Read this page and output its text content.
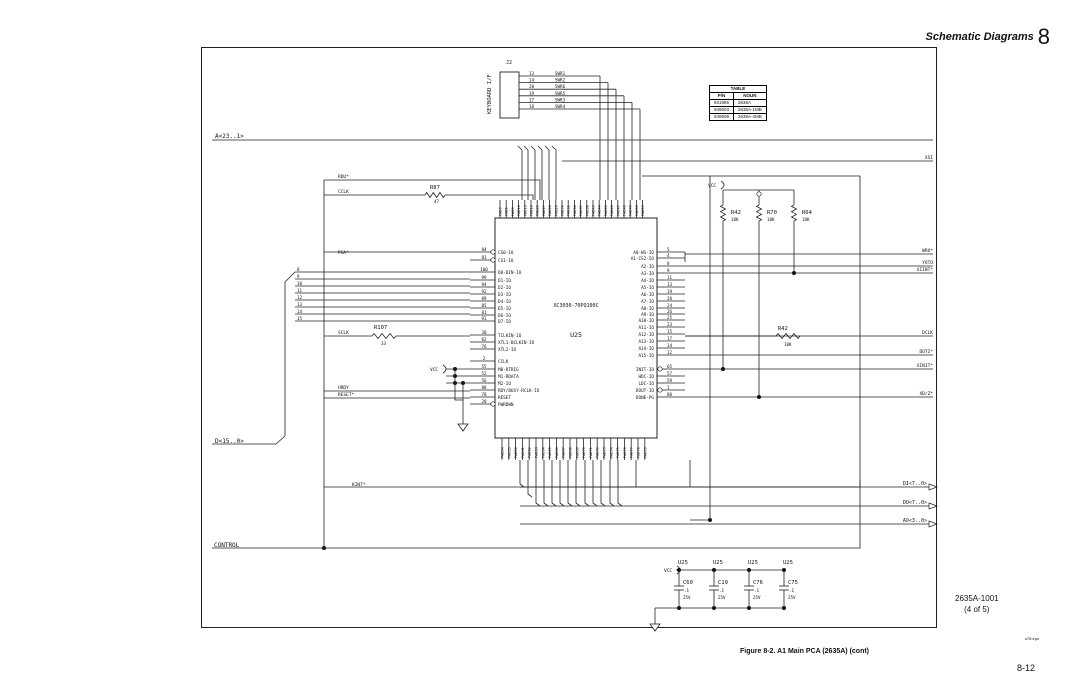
Schematic Diagrams 8
TABLE	
P/N	NOUN
931985	2635A
949503	2635A-1MB
949508	2635A-2MB
XC3030-70PQ100C
U25
84
CS0-IO
83
CS1-IO
100
D0-DIN-IO
99
D1-IO
94
D2-IO
92
D3-IO
89
D4-IO
85
D5-IO
81
D6-IO
91
D7-IO
30
TCLKIN-IO
82
XTL1-BCLKIN-IO
76
XTL2-IO
2
CCLK
55
M0-RTRIG
52
M1-RDATA
56
M2-IO
88
RDY/BUSY-RCLK-IO
78
RESET
28
PWRDWN
5
A0-WS-IO	4
A1-CS2-IO
8
A2-IO
9
A3-IO
11
A4-IO
13
A5-IO
19
A6-IO
20
A7-IO
24
A8-IO	26
A9-IO	25
A10-IO
23
A11-IO
15
A12-IO
17
A13-IO
14
A14-IO
12
A15-IO
65
INIT-IO
57
HDC-IO
59
LDC-IO
1
DOUT-IO
80
DONE-PG
PAD0 PAD5 PAD9 PAD10 PAD13 PAD14 PAD26 PAD27 PAD28 PAD29 PAD30 PAD31 PAD34 PAD37 PAD38 PAD43 PAD44 PAD45 PAD46 PAD47 PAD48 PAD49 PAD50 PAD53
PAD54 PAD55 PAD56 PAD61 PAD62 PAD63 PAD64 PAD65 PAD66 PAD67 PAD68 PAD69 PAD70 PAD71 PAD72 PAD73 PAD74 PAD75 PAD76 PAD77 PAD78 PAD79
J2
KEYBOARD I/F
13	SWR1
14	SWR2
20	SWR6
19	SWR5
17	SWR3
18	SWR4
A<23..1>
XSI
RDU*
CCLK
R87
47
PGA*
8
9
10
11
12
13
14
15
D<15..0>
SCLK
R107
33
VCC
HRDY
RESET*
KINT*
CONTROL
WRU*
YOTO
XIINT*
DCLK
DOTI*
XINIT*
XD/Z*
VCC
R42
10K
R70
10K
R64
10K
R42
10K
DI<7..0>
DO<7..0>
AO<3..0>
VCC
U25
C60
.1
25V
U25
C19
.1
25V
U25
C76
.1
25V
U25
C75
.1
25V	2635A-1001
(4 of 5)
s78.eps
Figure 8-2. A1 Main PCA (2635A) (cont)
8-12
